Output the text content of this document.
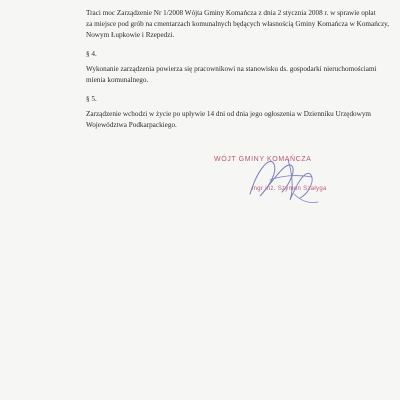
Traci moc Zarządzenie Nr 1/2008 Wójta Gminy Komańcza z dnia 2 stycznia 2008 r. w sprawie opłat
za miejsce pod grób na cmentarzach komunalnych będących własnością Gminy Komańcza w Komańczy,
Nowym Łupkowie i Rzepedzi.

§ 4.

Wykonanie zarządzenia powierza się pracownikowi na stanowisku ds. gospodarki nieruchomościami
mienia komunalnego.

§ 5.

Zarządzenie wchodzi w życie po upływie 14 dni od dnia jego ogłoszenia w Dzienniku Urzędowym
Województwa Podkarpackiego.

WÓJT GMINY KOMAŃCZA
mgr inż. Szymon Szałyga
